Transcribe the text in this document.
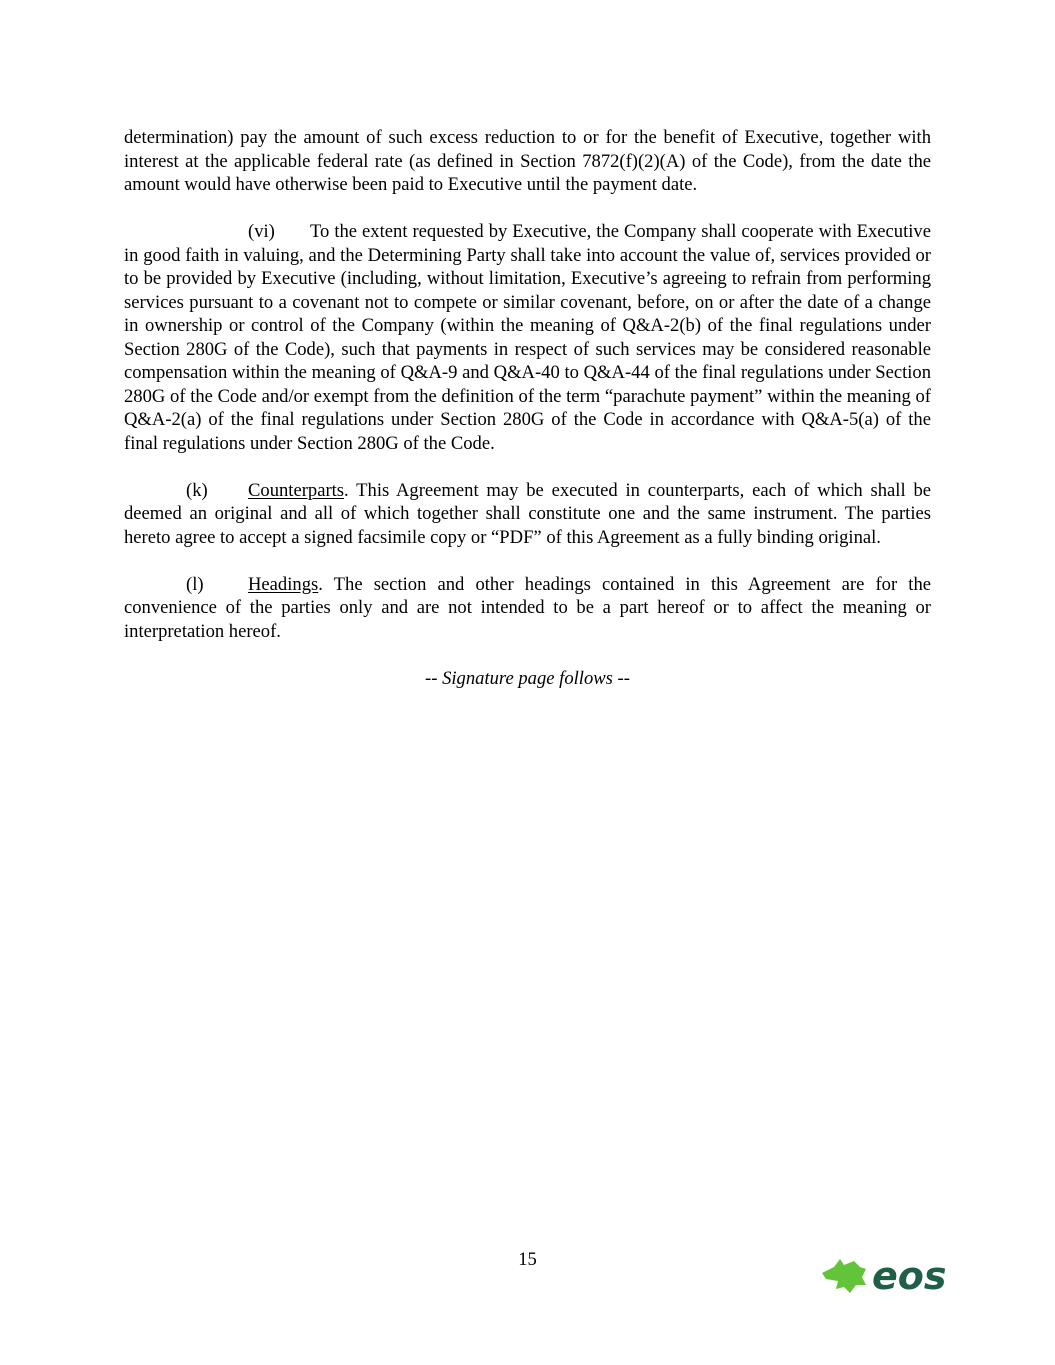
determination) pay the amount of such excess reduction to or for the benefit of Executive, together with interest at the applicable federal rate (as defined in Section 7872(f)(2)(A) of the Code), from the date the amount would have otherwise been paid to Executive until the payment date.

(vi) To the extent requested by Executive, the Company shall cooperate with Executive in good faith in valuing, and the Determining Party shall take into account the value of, services provided or to be provided by Executive (including, without limitation, Executive’s agreeing to refrain from performing services pursuant to a covenant not to compete or similar covenant, before, on or after the date of a change in ownership or control of the Company (within the meaning of Q&A-2(b) of the final regulations under Section 280G of the Code), such that payments in respect of such services may be considered reasonable compensation within the meaning of Q&A-9 and Q&A-40 to Q&A-44 of the final regulations under Section 280G of the Code and/or exempt from the definition of the term “parachute payment” within the meaning of Q&A-2(a) of the final regulations under Section 280G of the Code in accordance with Q&A-5(a) of the final regulations under Section 280G of the Code.

(k) Counterparts. This Agreement may be executed in counterparts, each of which shall be deemed an original and all of which together shall constitute one and the same instrument. The parties hereto agree to accept a signed facsimile copy or “PDF” of this Agreement as a fully binding original.

(l) Headings. The section and other headings contained in this Agreement are for the convenience of the parties only and are not intended to be a part hereof or to affect the meaning or interpretation hereof.

-- Signature page follows --

15	eos
